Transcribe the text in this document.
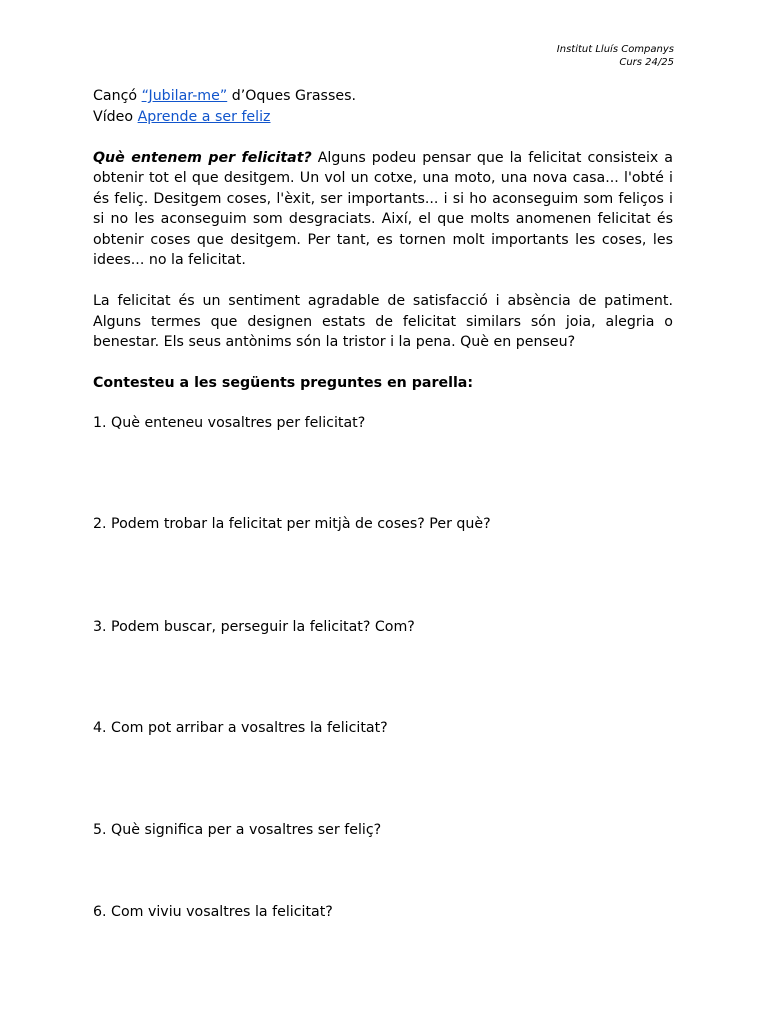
Institut Lluís Companys
Curs 24/25

Cançó “Jubilar-me” d’Oques Grasses.

Vídeo Aprende a ser feliz

Què entenem per felicitat? Alguns podeu pensar que la felicitat consisteix a obtenir tot el que desitgem. Un vol un cotxe, una moto, una nova casa... l'obté i és feliç. Desitgem coses, l'èxit, ser importants... i si ho aconseguim som feliços i si no les aconseguim som desgraciats. Així, el que molts anomenen felicitat és obtenir coses que desitgem. Per tant, es tornen molt importants les coses, les idees... no la felicitat.

La felicitat és un sentiment agradable de satisfacció i absència de patiment. Alguns termes que designen estats de felicitat similars són joia, alegria o benestar. Els seus antònims són la tristor i la pena. Què en penseu?

Contesteu a les següents preguntes en parella:

1. Què enteneu vosaltres per felicitat?

2. Podem trobar la felicitat per mitjà de coses? Per què?

3. Podem buscar, perseguir la felicitat? Com?

4. Com pot arribar a vosaltres la felicitat?

5. Què significa per a vosaltres ser feliç?

6. Com viviu vosaltres la felicitat?
